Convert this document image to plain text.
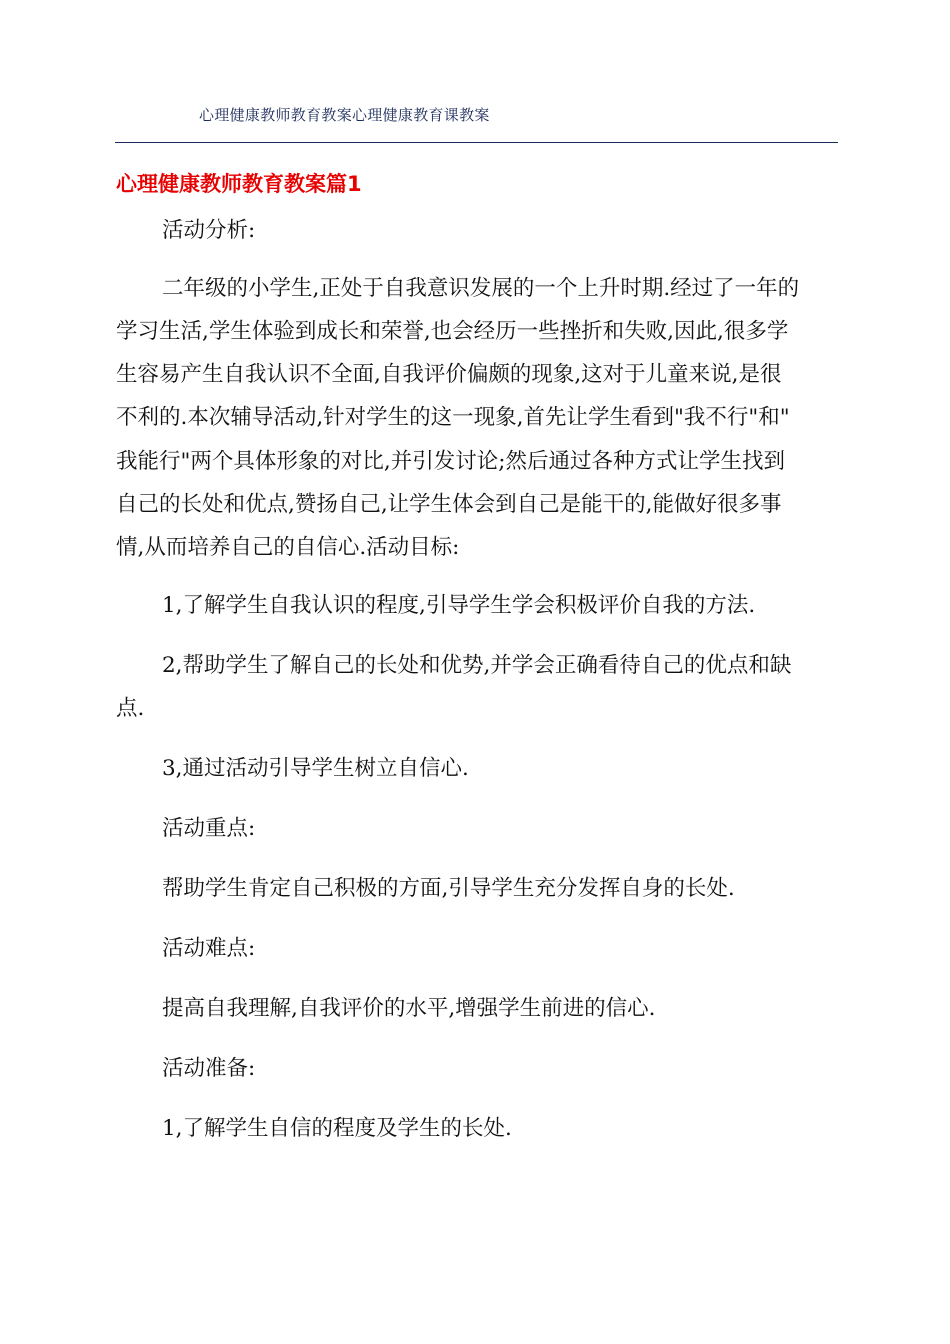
心理健康教师教育教案心理健康教育课教案
心理健康教师教育教案篇1
活动分析:
二年级的小学生,正处于自我意识发展的一个上升时期.经过了一年的
学习生活,学生体验到成长和荣誉,也会经历一些挫折和失败,因此,很多学
生容易产生自我认识不全面,自我评价偏颇的现象,这对于儿童来说,是很
不利的.本次辅导活动,针对学生的这一现象,首先让学生看到"我不行"和"
我能行"两个具体形象的对比,并引发讨论;然后通过各种方式让学生找到
自己的长处和优点,赞扬自己,让学生体会到自己是能干的,能做好很多事
情,从而培养自己的自信心.活动目标:
1,了解学生自我认识的程度,引导学生学会积极评价自我的方法.
2,帮助学生了解自己的长处和优势,并学会正确看待自己的优点和缺
点.
3,通过活动引导学生树立自信心.
活动重点:
帮助学生肯定自己积极的方面,引导学生充分发挥自身的长处.
活动难点:
提高自我理解,自我评价的水平,增强学生前进的信心.
活动准备:
1,了解学生自信的程度及学生的长处.
